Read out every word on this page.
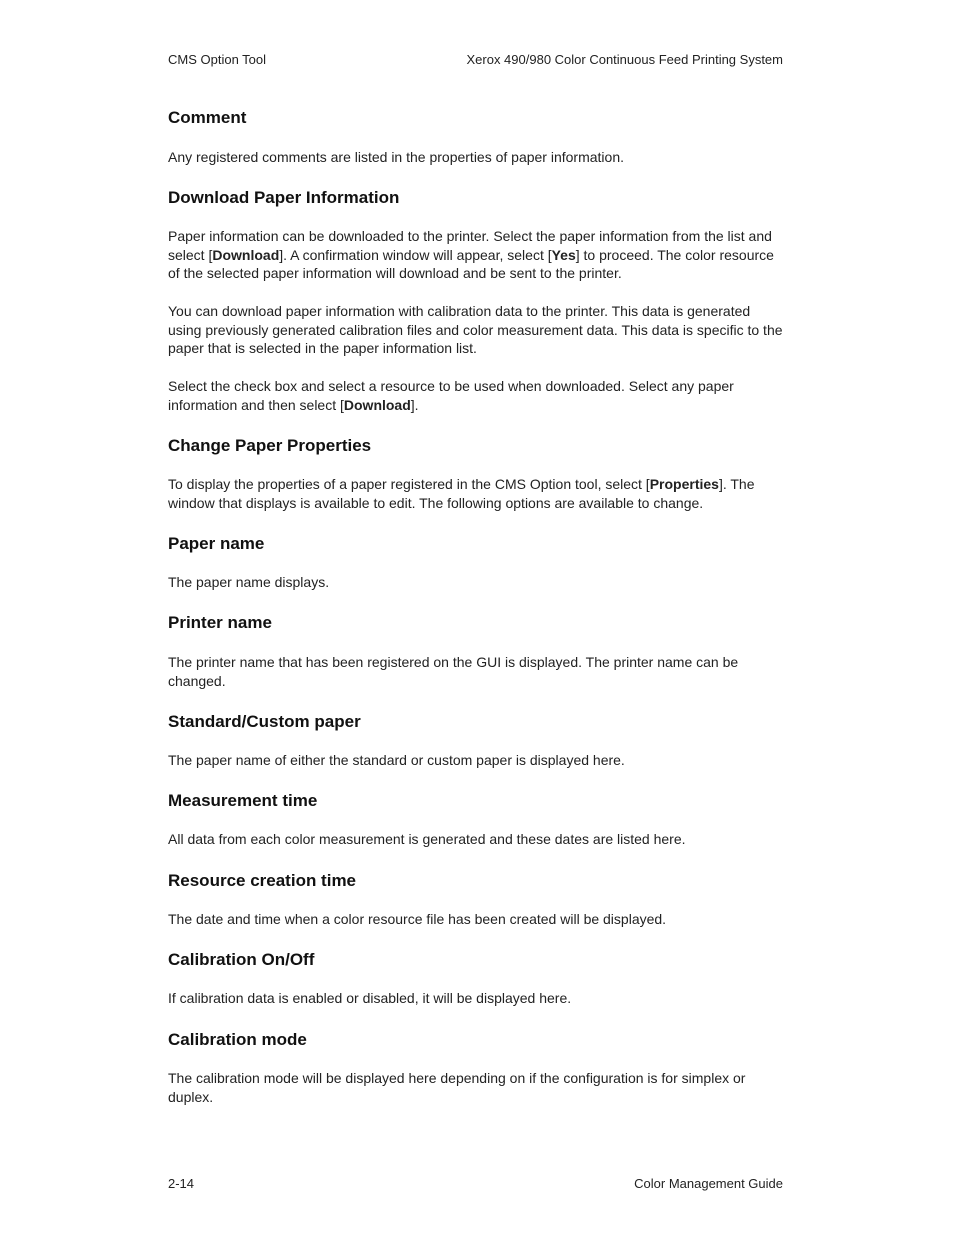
CMS Option Tool	Xerox 490/980 Color Continuous Feed Printing System
Comment
Any registered comments are listed in the properties of paper information.
Download Paper Information
Paper information can be downloaded to the printer. Select the paper information from the list and select [Download]. A confirmation window will appear, select [Yes] to proceed. The color resource of the selected paper information will download and be sent to the printer.
You can download paper information with calibration data to the printer. This data is generated using previously generated calibration files and color measurement data. This data is specific to the paper that is selected in the paper information list.
Select the check box and select a resource to be used when downloaded. Select any paper information and then select [Download].
Change Paper Properties
To display the properties of a paper registered in the CMS Option tool, select [Properties]. The window that displays is available to edit. The following options are available to change.
Paper name
The paper name displays.
Printer name
The printer name that has been registered on the GUI is displayed. The printer name can be changed.
Standard/Custom paper
The paper name of either the standard or custom paper is displayed here.
Measurement time
All data from each color measurement is generated and these dates are listed here.
Resource creation time
The date and time when a color resource file has been created will be displayed.
Calibration On/Off
If calibration data is enabled or disabled, it will be displayed here.
Calibration mode
The calibration mode will be displayed here depending on if the configuration is for simplex or duplex.
2-14	Color Management Guide
